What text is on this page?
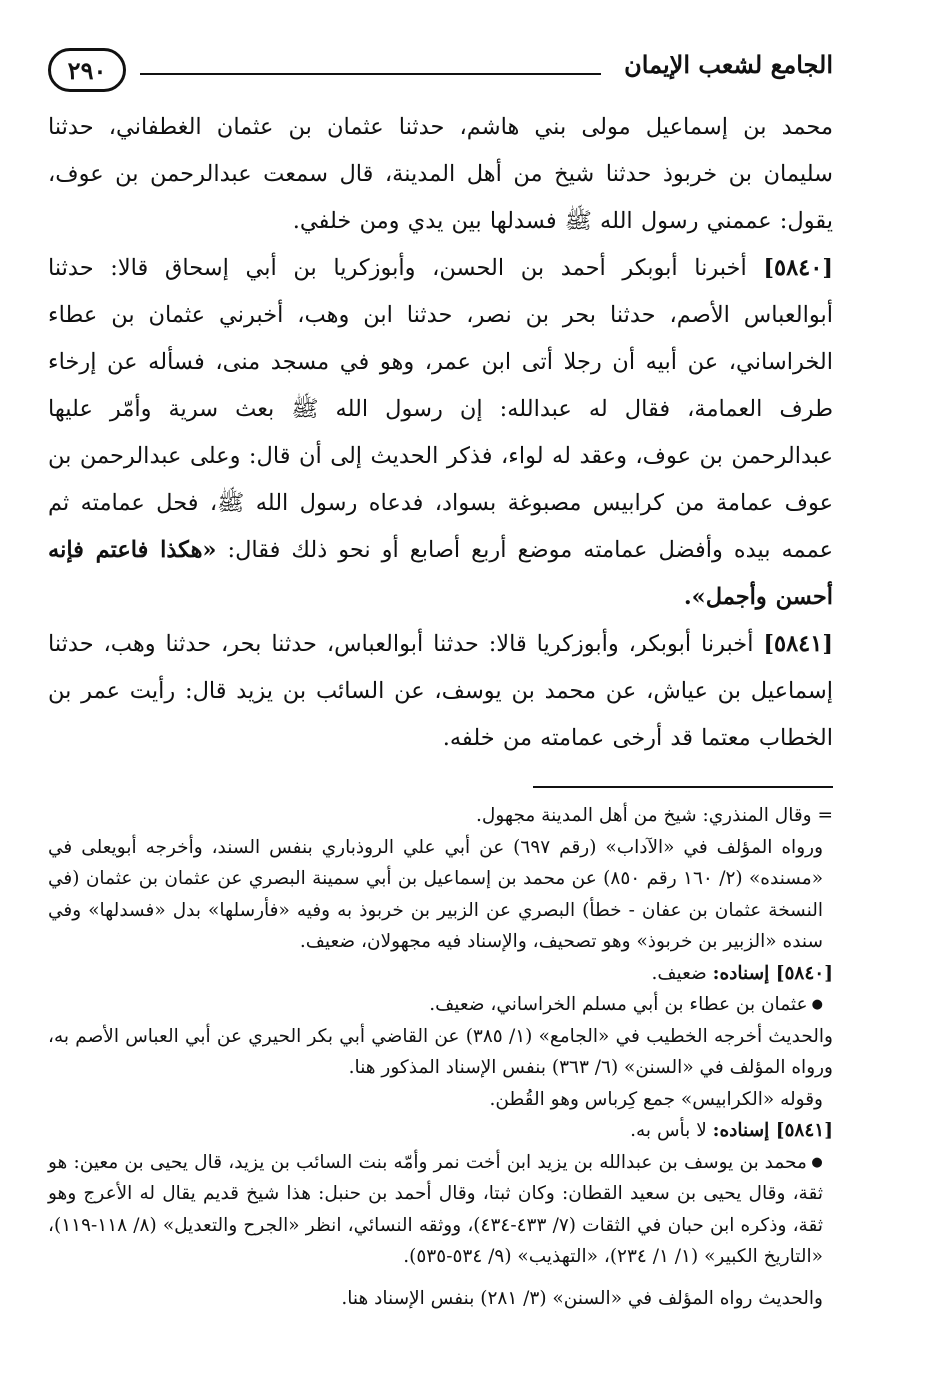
٢٩٠	الجامع لشعب الإيمان

محمد بن إسماعيل مولى بني هاشم، حدثنا عثمان بن عثمان الغطفاني، حدثنا سليمان بن خربوذ حدثنا شيخ من أهل المدينة، قال سمعت عبدالرحمن بن عوف، يقول: عممني رسول الله ﷺ فسدلها بين يدي ومن خلفي.

[٥٨٤٠] أخبرنا أبوبكر أحمد بن الحسن، وأبوزكريا بن أبي إسحاق قالا: حدثنا أبوالعباس الأصم، حدثنا بحر بن نصر، حدثنا ابن وهب، أخبرني عثمان بن عطاء الخراساني، عن أبيه أن رجلا أتى ابن عمر، وهو في مسجد منى، فسأله عن إرخاء طرف العمامة، فقال له عبدالله: إن رسول الله ﷺ بعث سرية وأمّر عليها عبدالرحمن بن عوف، وعقد له لواء، فذكر الحديث إلى أن قال: وعلى عبدالرحمن بن عوف عمامة من كرابيس مصبوغة بسواد، فدعاه رسول الله ﷺ، فحل عمامته ثم عممه بيده وأفضل عمامته موضع أربع أصابع أو نحو ذلك فقال: «هكذا فاعتم فإنه أحسن وأجمل».

[٥٨٤١] أخبرنا أبوبكر، وأبوزكريا قالا: حدثنا أبوالعباس، حدثنا بحر، حدثنا وهب، حدثنا إسماعيل بن عياش، عن محمد بن يوسف، عن السائب بن يزيد قال: رأيت عمر بن الخطاب معتما قد أرخى عمامته من خلفه.

= وقال المنذري: شيخ من أهل المدينة مجهول.

ورواه المؤلف في «الآداب» (رقم ٦٩٧) عن أبي علي الروذباري بنفس السند، وأخرجه أبويعلى في «مسنده» (٢/ ١٦٠ رقم ٨٥٠) عن محمد بن إسماعيل بن أبي سمينة البصري عن عثمان بن عثمان (في النسخة عثمان بن عفان - خطأ) البصري عن الزبير بن خربوذ به وفيه «فأرسلها» بدل «فسدلها» وفي سنده «الزبير بن خربوذ» وهو تصحيف، والإسناد فيه مجهولان، ضعيف.

[٥٨٤٠] إسناده: ضعيف.

● عثمان بن عطاء بن أبي مسلم الخراساني، ضعيف.

والحديث أخرجه الخطيب في «الجامع» (١/ ٣٨٥) عن القاضي أبي بكر الحيري عن أبي العباس الأصم به، ورواه المؤلف في «السنن» (٦/ ٣٦٣) بنفس الإسناد المذكور هنا.

وقوله «الكرابيس» جمع كِرباس وهو القُطن.

[٥٨٤١] إسناده: لا بأس به.

● محمد بن يوسف بن عبدالله بن يزيد ابن أخت نمر وأمّه بنت السائب بن يزيد، قال يحيى بن معين: هو ثقة، وقال يحيى بن سعيد القطان: وكان ثبتا، وقال أحمد بن حنبل: هذا شيخ قديم يقال له الأعرج وهو ثقة، وذكره ابن حبان في الثقات (٧/ ٤٣٣-٤٣٤)، ووثقه النسائي، انظر «الجرح والتعديل» (٨/ ١١٨-١١٩)، «التاريخ الكبير» (١/ ١/ ٢٣٤)، «التهذيب» (٩/ ٥٣٤-٥٣٥).

والحديث رواه المؤلف في «السنن» (٣/ ٢٨١) بنفس الإسناد هنا.
